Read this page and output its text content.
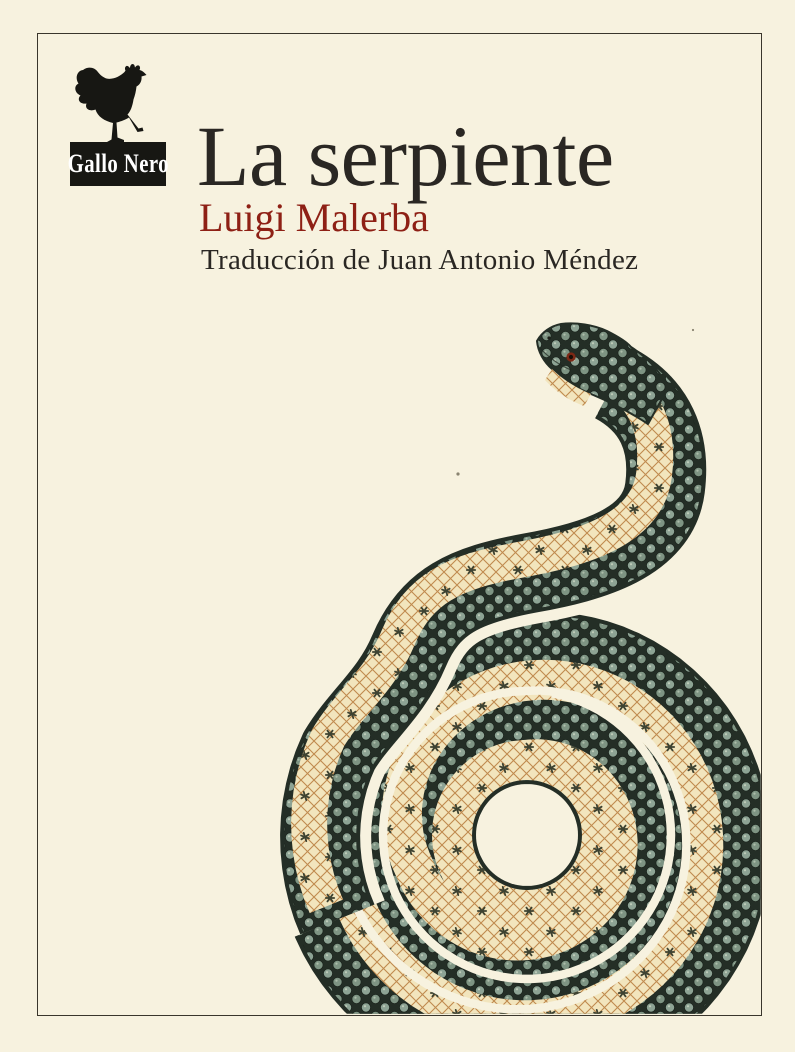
Gallo Nero La serpiente
Luigi Malerba
Traducción de Juan Antonio Méndez
